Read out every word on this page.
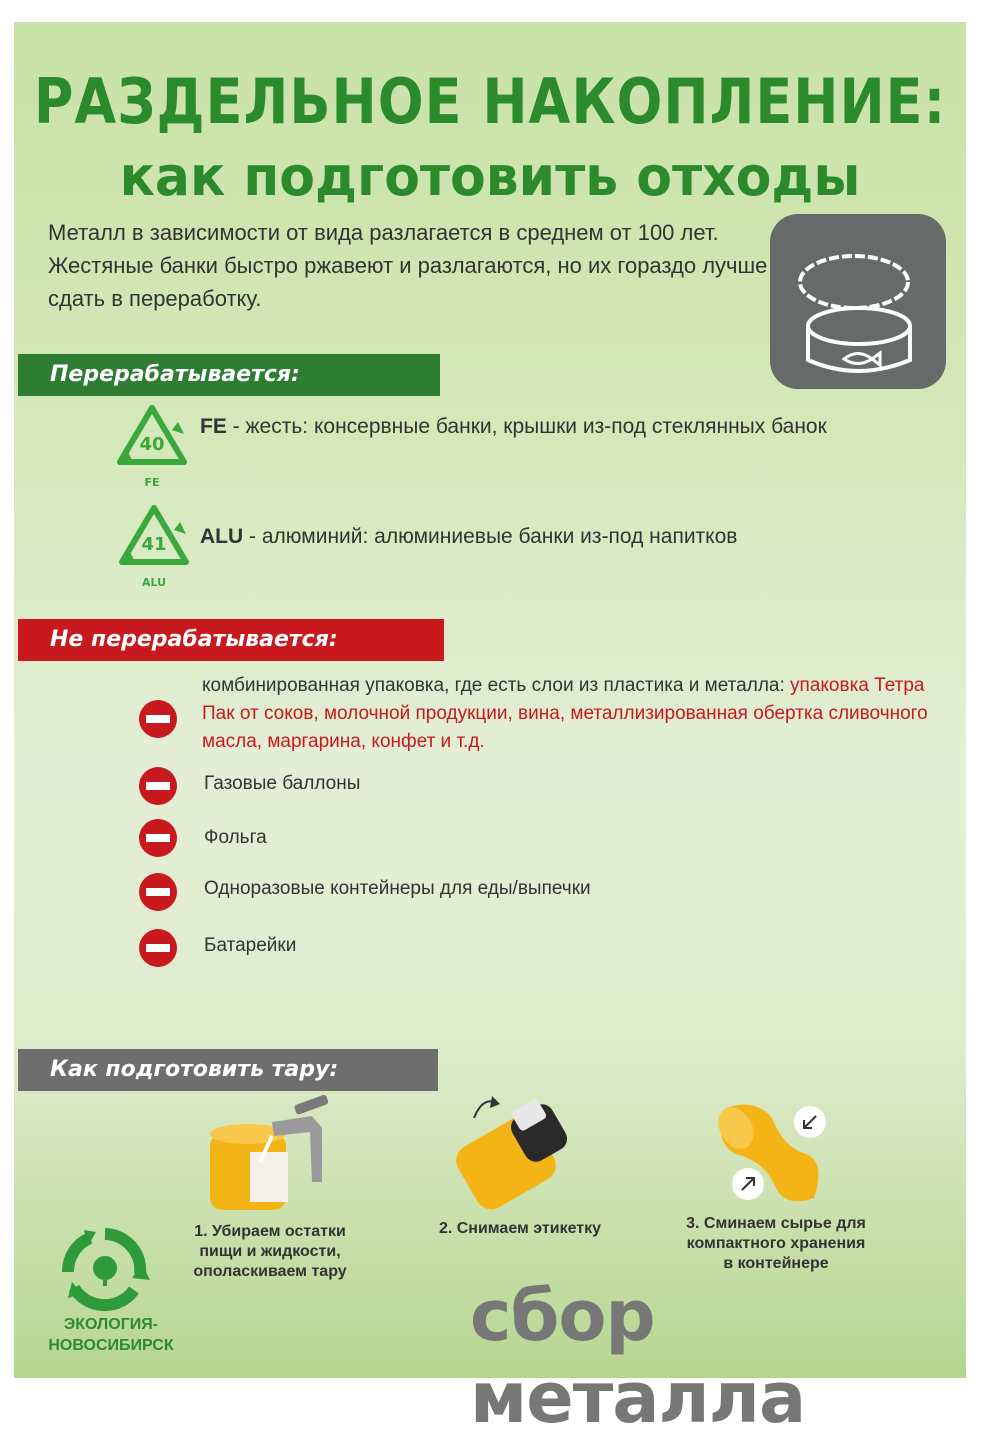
РАЗДЕЛЬНОЕ НАКОПЛЕНИЕ:
как подготовить отходы
Металл в зависимости от вида разлагается в среднем от 100 лет. Жестяные банки быстро ржавеют и разлагаются, но их гораздо лучше сдать в переработку.
Перерабатывается:
40
FE
FE - жесть: консервные банки, крышки из-под стеклянных банок
41
ALU
ALU - алюминий: алюминиевые банки из-под напитков
Не перерабатывается:
комбинированная упаковка, где есть слои из пластика и металла: упаковка Тетра Пак от соков, молочной продукции, вина, металлизированная обертка сливочного масла, маргарина, конфет и т.д.
Газовые баллоны
Фольга
Одноразовые контейнеры для еды/выпечки
Батарейки
Как подготовить тару:
1. Убираем остатки пищи и жидкости, ополаскиваем тару
2. Снимаем этикетку	3. Сминаем сырье для компактного хранения в контейнере
ЭКОЛОГИЯ-
НОВОСИБИРСК	сбор металла
